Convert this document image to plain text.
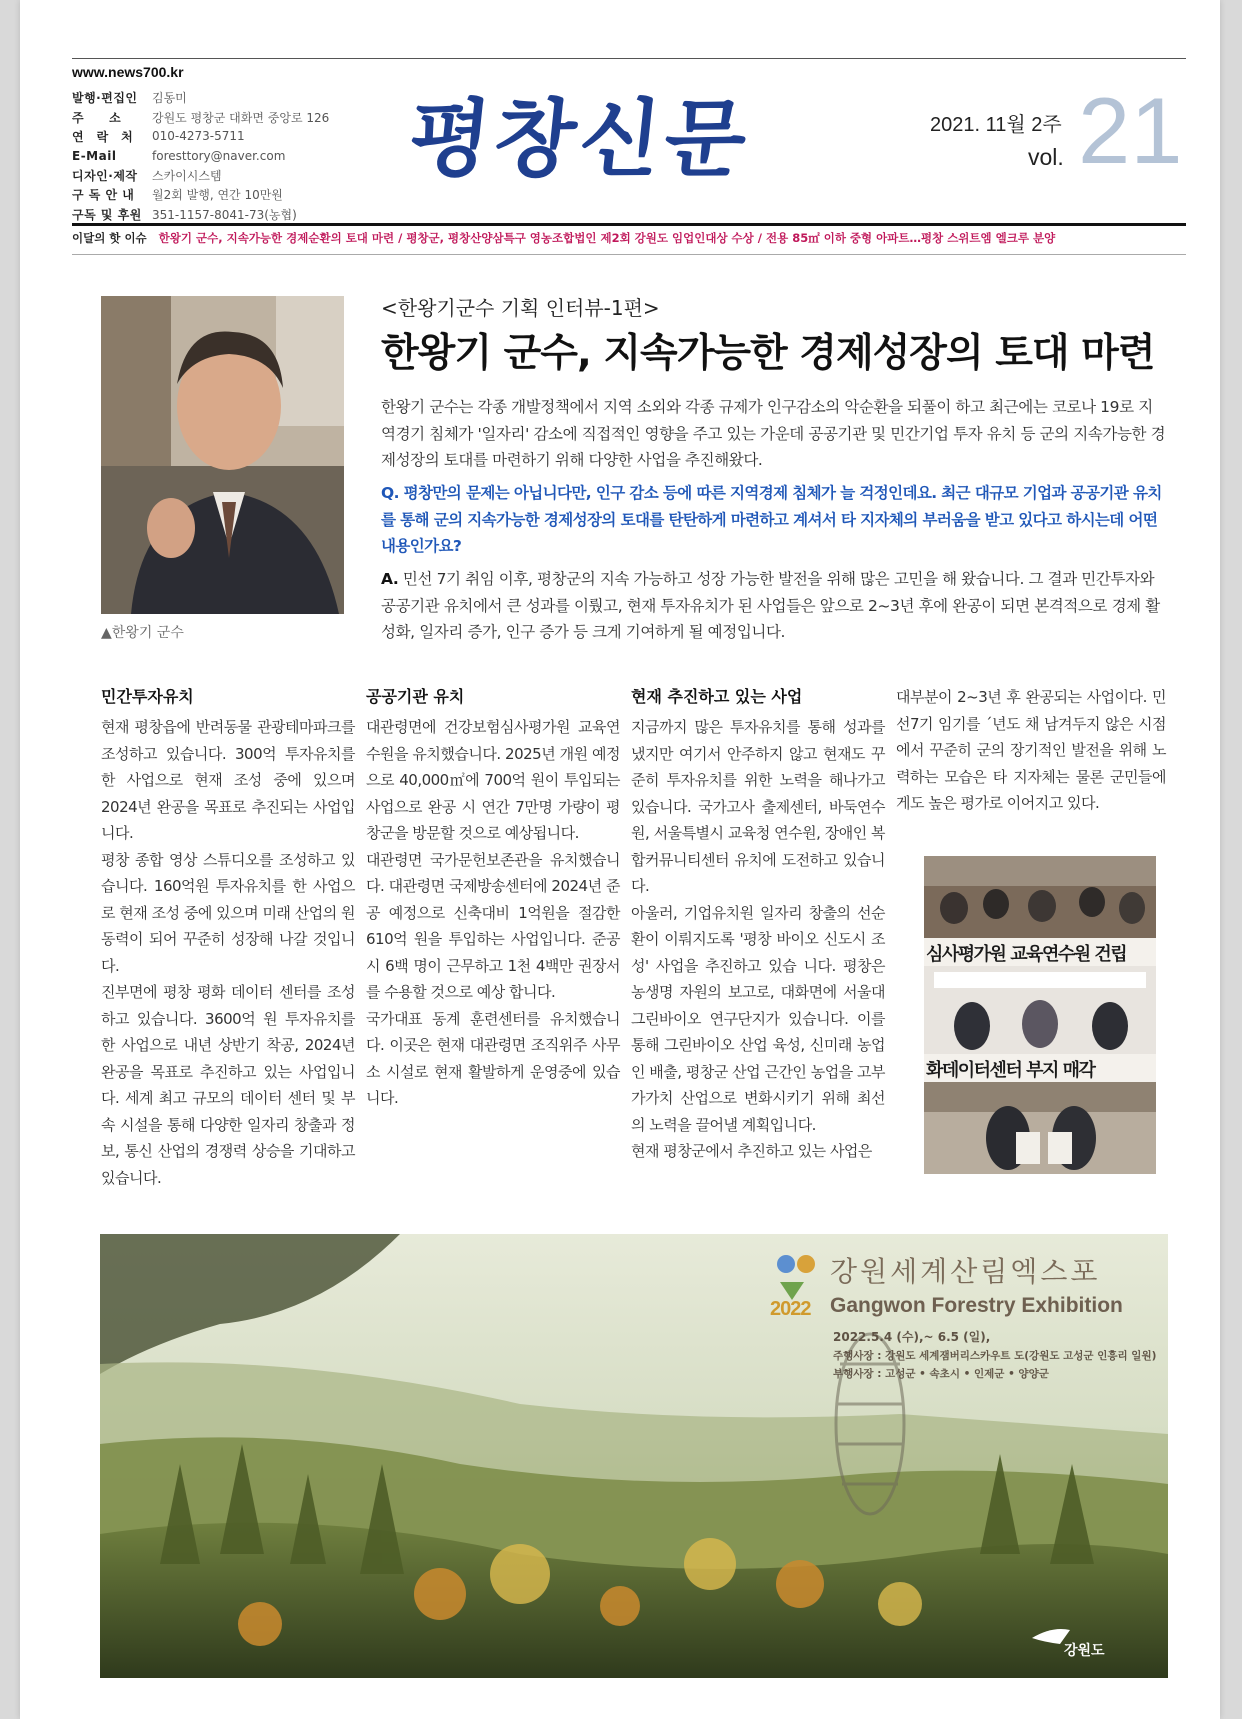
www.news700.kr
발행·편집인	김동미
주　　소	강원도 평창군 대화면 중앙로 126
연　락　처	010-4273-5711
E-Mail	foresttory@naver.com
디자인·제작	스카이시스템
구 독 안 내	월2회 발행, 연간 10만원
구독 및 후원 351-1157-8041-73(농협)
평창신문	2021. 11월 2주
vol. 21
이달의 핫 이슈 한왕기 군수, 지속가능한 경제순환의 토대 마련 / 평창군, 평창산양삼특구 영농조합법인 제2회 강원도 임업인대상 수상 / 전용 85㎡ 이하 중형 아파트…평창 스위트엠 엘크루 분양
▲한왕기 군수
<한왕기군수 기획 인터뷰-1편>
한왕기 군수, 지속가능한 경제성장의 토대 마련

한왕기 군수는 각종 개발정책에서 지역 소외와 각종 규제가 인구감소의 악순환을 되풀이 하고 최근에는 코로나 19로 지역경기 침체가 '일자리' 감소에 직접적인 영향을 주고 있는 가운데 공공기관 및 민간기업 투자 유치 등 군의 지속가능한 경제성장의 토대를 마련하기 위해 다양한 사업을 추진해왔다.

Q. 평창만의 문제는 아닙니다만, 인구 감소 등에 따른 지역경제 침체가 늘 걱정인데요. 최근 대규모 기업과 공공기관 유치를 통해 군의 지속가능한 경제성장의 토대를 탄탄하게 마련하고 계셔서 타 지자체의 부러움을 받고 있다고 하시는데 어떤 내용인가요?

A. 민선 7기 취임 이후, 평창군의 지속 가능하고 성장 가능한 발전을 위해 많은 고민을 해 왔습니다. 그 결과 민간투자와 공공기관 유치에서 큰 성과를 이뤘고, 현재 투자유치가 된 사업들은 앞으로 2~3년 후에 완공이 되면 본격적으로 경제 활성화, 일자리 증가, 인구 증가 등 크게 기여하게 될 예정입니다.

민간투자유치
현재 평창읍에 반려동물 관광테마파크를 조성하고 있습니다. 300억 투자유치를 한 사업으로 현재 조성 중에 있으며 2024년 완공을 목표로 추진되는 사업입니다.
평창 종합 영상 스튜디오를 조성하고 있습니다. 160억원 투자유치를 한 사업으로 현재 조성 중에 있으며 미래 산업의 원동력이 되어 꾸준히 성장해 나갈 것입니다.
진부면에 평창 평화 데이터 센터를 조성하고 있습니다. 3600억 원 투자유치를 한 사업으로 내년 상반기 착공, 2024년 완공을 목표로 추진하고 있는 사업입니다. 세계 최고 규모의 데이터 센터 및 부속 시설을 통해 다양한 일자리 창출과 정보, 통신 산업의 경쟁력 상승을 기대하고 있습니다.
공공기관 유치
대관령면에 건강보험심사평가원 교육연수원을 유치했습니다. 2025년 개원 예정으로 40,000㎡에 700억 원이 투입되는 사업으로 완공 시 연간 7만명 가량이 평창군을 방문할 것으로 예상됩니다.
대관령면 국가문헌보존관을 유치했습니다. 대관령면 국제방송센터에 2024년 준공 예정으로 신축대비 1억원을 절감한 610억 원을 투입하는 사업입니다. 준공 시 6백 명이 근무하고 1천 4백만 권장서를 수용할 것으로 예상 합니다.
국가대표 동계 훈련센터를 유치했습니다. 이곳은 현재 대관령면 조직위주 사무소 시설로 현재 활발하게 운영중에 있습니다.
현재 추진하고 있는 사업
지금까지 많은 투자유치를 통해 성과를 냈지만 여기서 안주하지 않고 현재도 꾸준히 투자유치를 위한 노력을 해나가고 있습니다. 국가고사 출제센터, 바둑연수원, 서울특별시 교육청 연수원, 장애인 복합커뮤니티센터 유치에 도전하고 있습니다.
아울러, 기업유치원 일자리 창출의 선순환이 이뤄지도록 '평창 바이오 신도시 조성' 사업을 추진하고 있습 니다. 평창은 농생명 자원의 보고로, 대화면에 서울대 그린바이오 연구단지가 있습니다. 이를 통해 그린바이오 산업 육성, 신미래 농업인 배출, 평창군 산업 근간인 농업을 고부가가치 산업으로 변화시키기 위해 최선의 노력을 끌어낼 계획입니다.
현재 평창군에서 추진하고 있는 사업은
대부분이 2~3년 후 완공되는 사업이다. 민선7기 임기를 ´년도 채 남겨두지 않은 시점에서 꾸준히 군의 장기적인 발전을 위해 노력하는 모습은 타 지자체는 물론 군민들에게도 높은 평가로 이어지고 있다.
심사평가원 교육연수원 건립
화데이터센터 부지 매각
강원세계산림엑스포
2022 Gangwon Forestry Exhibition
2022.5.4 (수),~ 6.5 (일),
주행사장 : 강원도 세계잼버리스카우트 도(강원도 고성군 인흥리 일원)
부행사장 : 고성군 • 속초시 • 인제군 • 양양군
강원도
